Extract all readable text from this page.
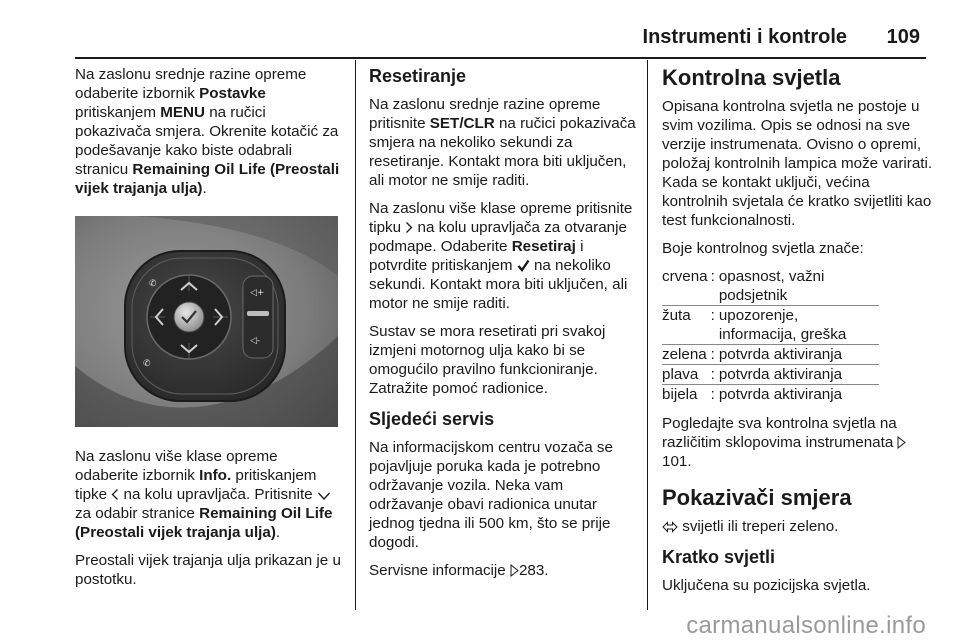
Instrumenti i kontrole 109

Na zaslonu srednje razine opreme odaberite izbornik Postavke pritiskanjem MENU na ručici pokazivača smjera. Okrenite kotačić za podešavanje kako biste odabrali stranicu Remaining Oil Life (Preostali vijek trajanja ulja).

✆
✆
◁+
◁-

Na zaslonu više klase opreme odaberite izbornik Info. pritiskanjem tipke  na kolu upravljača. Pritisnite  za odabir stranice Remaining Oil Life (Preostali vijek trajanja ulja).

Preostali vijek trajanja ulja prikazan je u postotku.

Resetiranje

Na zaslonu srednje razine opreme pritisnite SET/CLR na ručici pokazivača smjera na nekoliko sekundi za resetiranje. Kontakt mora biti uključen, ali motor ne smije raditi.

Na zaslonu više klase opreme pritisnite tipku  na kolu upravljača za otvaranje podmape. Odaberite Resetiraj i potvrdite pritiskanjem  na nekoliko sekundi. Kontakt mora biti uključen, ali motor ne smije raditi.

Sustav se mora resetirati pri svakoj izmjeni motornog ulja kako bi se omogućilo pravilno funkcioniranje. Zatražite pomoć radionice.

Sljedeći servis

Na informacijskom centru vozača se pojavljuje poruka kada je potrebno održavanje vozila. Neka vam održavanje obavi radionica unutar jednog tjedna ili 500 km, što se prije dogodi.

Servisne informacije 283.

Kontrolna svjetla

Opisana kontrolna svjetla ne postoje u svim vozilima. Opis se odnosi na sve verzije instrumenata. Ovisno o opremi, položaj kontrolnih lampica može varirati. Kada se kontakt uključi, većina kontrolnih svjetala će kratko svijetliti kao test funkcionalnosti.

Boje kontrolnog svjetla znače:

crvena	:	opasnost, važni podsjetnik
žuta	:	upozorenje, informacija, greška
zelena	:	potvrda aktiviranja
plava	:	potvrda aktiviranja
bijela	:	potvrda aktiviranja

Pogledajte sva kontrolna svjetla na različitim sklopovima instrumenata  101.

Pokazivači smjera

svijetli ili treperi zeleno.

Kratko svjetli

Uključena su pozicijska svjetla.

carmanualsonline.info
